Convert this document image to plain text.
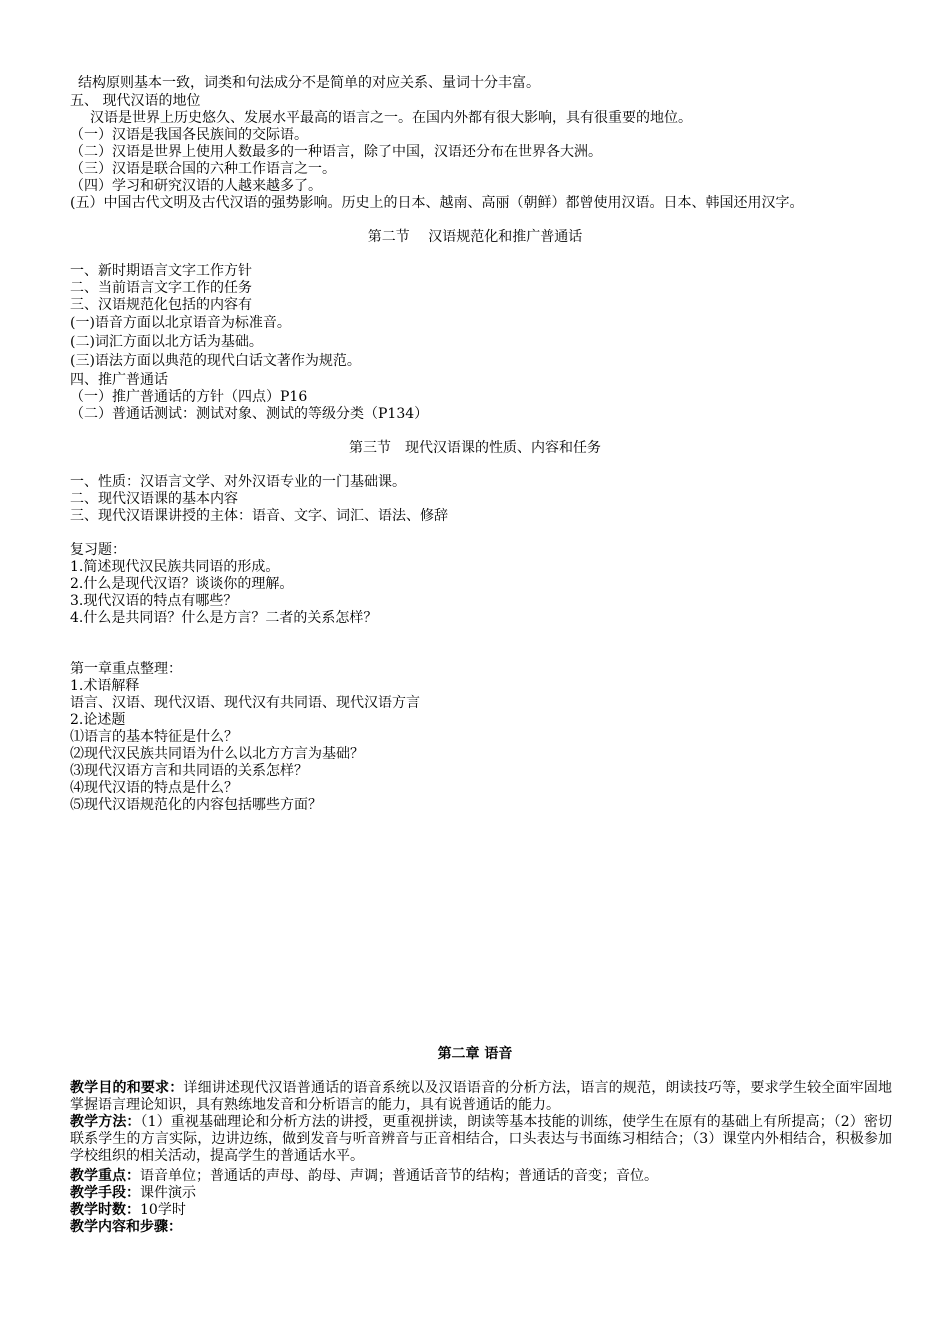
结构原则基本一致，词类和句法成分不是简单的对应关系、量词十分丰富。
五、 现代汉语的地位
汉语是世界上历史悠久、发展水平最高的语言之一。在国内外都有很大影响，具有很重要的地位。
（一）汉语是我国各民族间的交际语。
（二）汉语是世界上使用人数最多的一种语言，除了中国，汉语还分布在世界各大洲。
（三）汉语是联合国的六种工作语言之一。
（四）学习和研究汉语的人越来越多了。
(五）中国古代文明及古代汉语的强势影响。历史上的日本、越南、高丽（朝鲜）都曾使用汉语。日本、韩国还用汉字。
第二节　 汉语规范化和推广普通话
一、新时期语言文字工作方针
二、当前语言文字工作的任务
三、汉语规范化包括的内容有
(一)语音方面以北京语音为标准音。
(二)词汇方面以北方话为基础。
(三)语法方面以典范的现代白话文著作为规范。
四、推广普通话
（一）推广普通话的方针（四点）P16
（二）普通话测试：测试对象、测试的等级分类（P134）
第三节　现代汉语课的性质、内容和任务
一、性质：汉语言文学、对外汉语专业的一门基础课。
二、现代汉语课的基本内容
三、现代汉语课讲授的主体：语音、文字、词汇、语法、修辞
复习题：
1.简述现代汉民族共同语的形成。
2.什么是现代汉语？谈谈你的理解。
3.现代汉语的特点有哪些？
4.什么是共同语？什么是方言？二者的关系怎样？
第一章重点整理：
1.术语解释
语言、汉语、现代汉语、现代汉有共同语、现代汉语方言
2.论述题
⑴语言的基本特征是什么？
⑵现代汉民族共同语为什么以北方方言为基础？
⑶现代汉语方言和共同语的关系怎样？
⑷现代汉语的特点是什么？
⑸现代汉语规范化的内容包括哪些方面？
第二章 语音
教学目的和要求：详细讲述现代汉语普通话的语音系统以及汉语语音的分析方法，语言的规范，朗读技巧等，要求学生较全面牢固地掌握语言理论知识，具有熟练地发音和分析语言的能力，具有说普通话的能力。
教学方法：（1）重视基础理论和分析方法的讲授，更重视拼读，朗读等基本技能的训练，使学生在原有的基础上有所提高；（2）密切联系学生的方言实际，边讲边练，做到发音与听音辨音与正音相结合，口头表达与书面练习相结合；（3）课堂内外相结合，积极参加学校组织的相关活动，提高学生的普通话水平。
教学重点：语音单位；普通话的声母、韵母、声调；普通话音节的结构；普通话的音变；音位。
教学手段：课件演示
教学时数：10学时
教学内容和步骤：
